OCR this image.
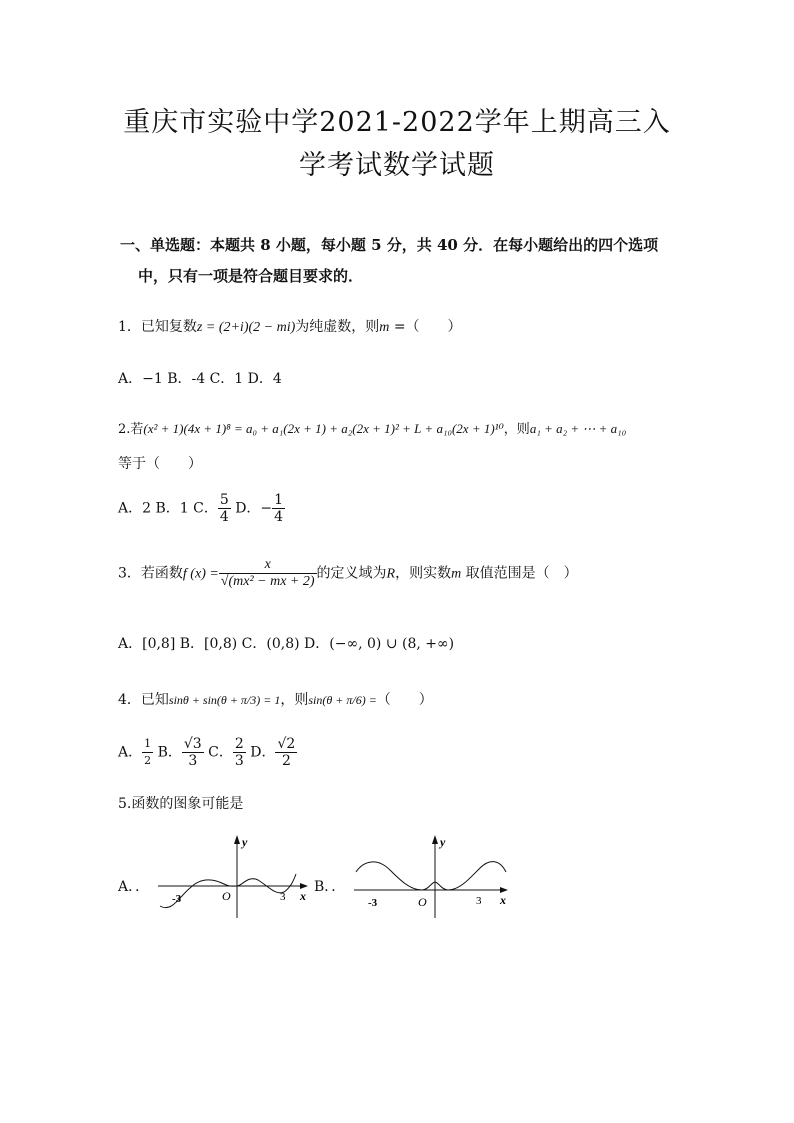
重庆市实验中学2021-2022学年上期高三入
学考试数学试题
一、单选题：本题共 8 小题，每小题 5 分，共 40 分．在每小题给出的四个选项
中，只有一项是符合题目要求的．
1．已知复数z = (2+i)(2 − mi)为纯虚数，则m =（　　）
A．−1 B．-4 C．1 D．4
2.若(x² + 1)(4x + 1)⁸ = a₀ + a₁(2x + 1) + a₂(2x + 1)² + L + a₁₀(2x + 1)¹⁰，则a₁ + a₂ + ⋯ + a₁₀
等于（　　）
A．2 B．1 C． $\frac{5}{4}$ D．− $\frac{1}{4}$
3．若函数f $(x) = \frac{x}{\text{√(mx² − mx + 2)}}$ 的定义域为R，则实数m 取值范围是（　）
A．[0,8] B．[0,8) C．(0,8) D．(−∞, 0) ∪ (8, +∞)
4．已知sinθ + sin(θ + π/3) = 1，则sin(θ + π/6) =（　　）
A． $\frac{1}{2}$ B． $\frac{√3}{3}$ C． $\frac{2}{3}$ D． $\frac{√2}{2}$
5.函数的图象可能是
A．．	B．．
x
y
O
-3	3	x
y
O
-3	3
